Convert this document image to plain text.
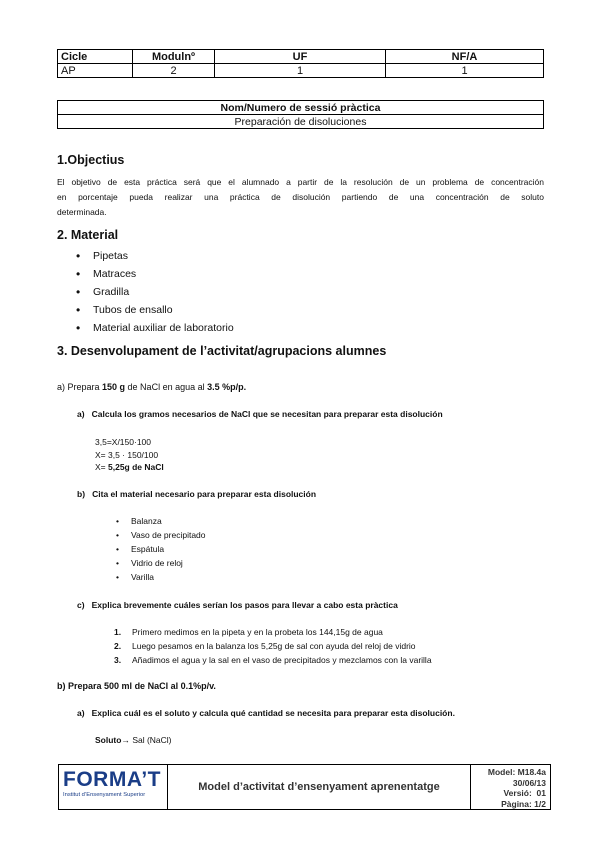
Cicle	Modulnº	UF	NF/A
AP	2	1	1
Nom/Numero de sessió pràctica
Preparación de disoluciones
1.Objectius
El objetivo de esta práctica será que el alumnado a partir de la resolución de un problema de concentración
en porcentaje pueda realizar una práctica de disolución partiendo de una concentración de soluto
determinada.
2. Material
• Pipetas
• Matraces
• Gradilla
• Tubos de ensallo
• Material auxiliar de laboratorio
3. Desenvolupament de l’activitat/agrupacions alumnes
a) Prepara 150 g de NaCl en agua al 3.5 %p/p.
a)   Calcula los gramos necesarios de NaCl que se necesitan para preparar esta disolución
3,5=X/150·100
X= 3,5 · 150/100
X= 5,25g de NaCl
b)   Cita el material necesario para preparar esta disolución
• Balanza
• Vaso de precipitado
• Espátula
• Vidrio de reloj
• Varilla
c)   Explica brevemente cuáles serían los pasos para llevar a cabo esta pràctica
1. Primero medimos en la pipeta y en la probeta los 144,15g de agua
2. Luego pesamos en la balanza los 5,25g de sal con ayuda del reloj de vidrio
3. Añadimos el agua y la sal en el vaso de precipitados y mezclamos con la varilla
b) Prepara 500 ml de NaCl al 0.1%p/v.
a)   Explica cuál es el soluto y calcula qué cantidad se necesita para preparar esta disolución.
Soluto→ Sal (NaCl)
FORMA’T
Institut d’Ensenyament Superior
Model d’activitat d’ensenyament aprenentatge
Model: M18.4a
30/06/13
Versió:  01
Pàgina: 1/2
